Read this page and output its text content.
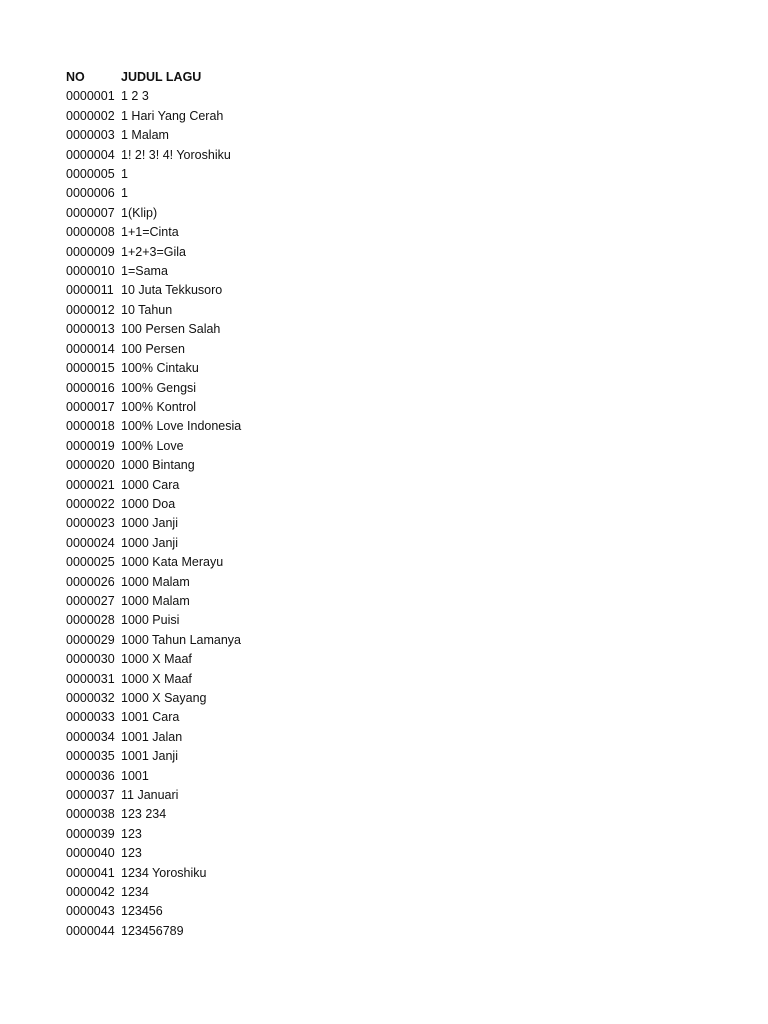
NO	JUDUL LAGU
0000001	1 2 3
0000002	1 Hari Yang Cerah
0000003	1 Malam
0000004	1! 2! 3! 4! Yoroshiku
0000005	1
0000006	1
0000007	1(Klip)
0000008	1+1=Cinta
0000009	1+2+3=Gila
0000010	1=Sama
0000011	10 Juta Tekkusoro
0000012	10 Tahun
0000013	100 Persen Salah
0000014	100 Persen
0000015	100% Cintaku
0000016	100% Gengsi
0000017	100% Kontrol
0000018	100% Love Indonesia
0000019	100% Love
0000020	1000 Bintang
0000021	1000 Cara
0000022	1000 Doa
0000023	1000 Janji
0000024	1000 Janji
0000025	1000 Kata Merayu
0000026	1000 Malam
0000027	1000 Malam
0000028	1000 Puisi
0000029	1000 Tahun Lamanya
0000030	1000 X Maaf
0000031	1000 X Maaf
0000032	1000 X Sayang
0000033	1001 Cara
0000034	1001 Jalan
0000035	1001 Janji
0000036	1001
0000037	11 Januari
0000038	123 234
0000039	123
0000040	123
0000041	1234 Yoroshiku
0000042	1234
0000043	123456
0000044	123456789
